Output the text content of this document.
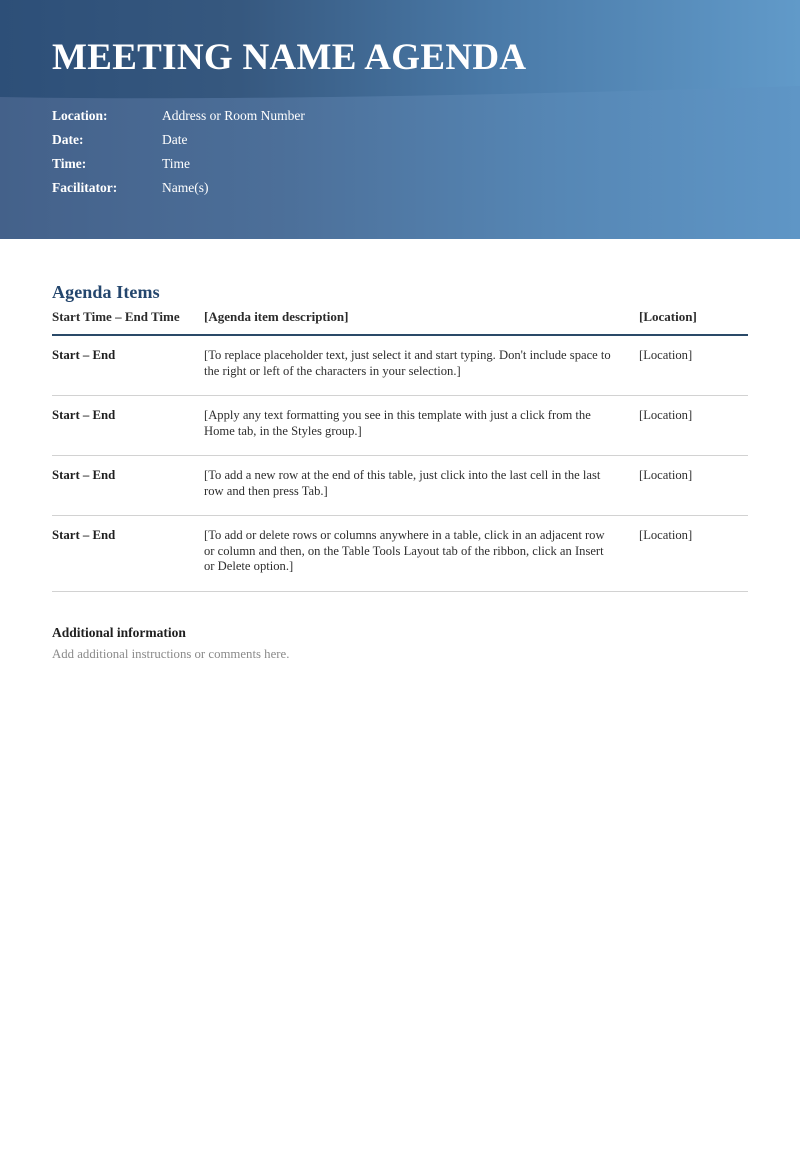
MEETING NAME AGENDA
Location:	Address or Room Number
Date:	Date
Time:	Time
Facilitator:	Name(s)
Agenda Items
Start Time – End Time	[Agenda item description]	[Location]
Start – End	[To replace placeholder text, just select it and start typing. Don't include space to the right or left of the characters in your selection.]	[Location]
Start – End	[Apply any text formatting you see in this template with just a click from the Home tab, in the Styles group.]	[Location]
Start – End	[To add a new row at the end of this table, just click into the last cell in the last row and then press Tab.]	[Location]
Start – End	[To add or delete rows or columns anywhere in a table, click in an adjacent row or column and then, on the Table Tools Layout tab of the ribbon, click an Insert or Delete option.]	[Location]

Additional information

Add additional instructions or comments here.
